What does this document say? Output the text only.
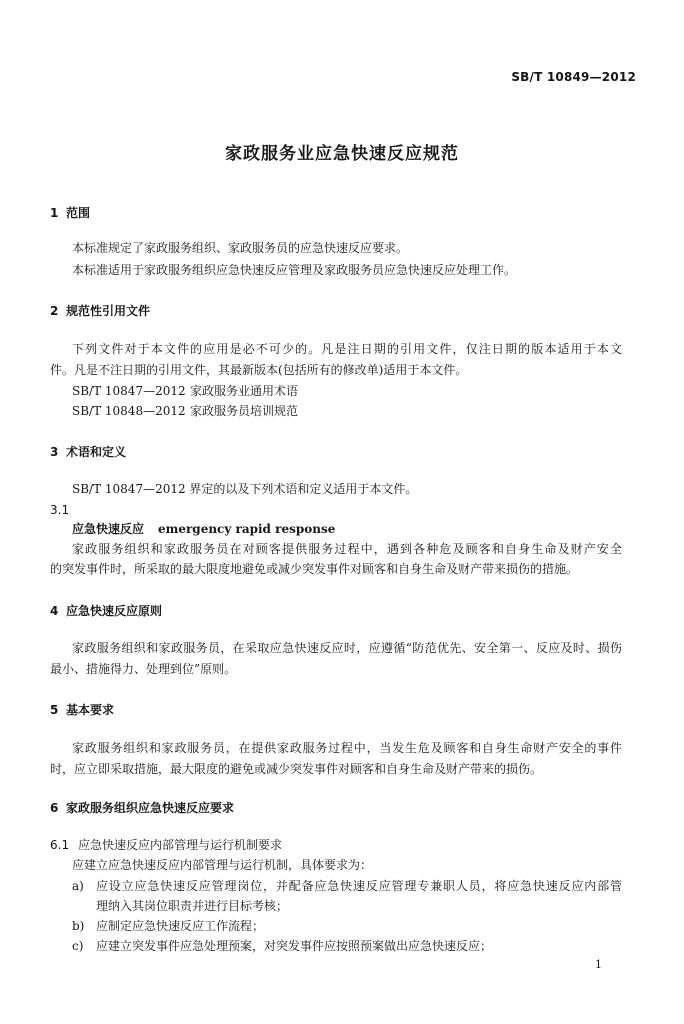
SB/T 10849—2012
家政服务业应急快速反应规范
1 范围
本标准规定了家政服务组织、家政服务员的应急快速反应要求。
本标准适用于家政服务组织应急快速反应管理及家政服务员应急快速反应处理工作。
2 规范性引用文件
下列文件对于本文件的应用是必不可少的。凡是注日期的引用文件，仅注日期的版本适用于本文
件。凡是不注日期的引用文件，其最新版本(包括所有的修改单)适用于本文件。
SB/T 10847—2012 家政服务业通用术语
SB/T 10848—2012 家政服务员培训规范
3 术语和定义
SB/T 10847—2012 界定的以及下列术语和定义适用于本文件。
3.1
应急快速反应 emergency rapid response
家政服务组织和家政服务员在对顾客提供服务过程中，遇到各种危及顾客和自身生命及财产安全
的突发事件时，所采取的最大限度地避免或减少突发事件对顾客和自身生命及财产带来损伤的措施。
4 应急快速反应原则
家政服务组织和家政服务员，在采取应急快速反应时，应遵循“防范优先、安全第一、反应及时、损伤
最小、措施得力、处理到位”原则。
5 基本要求
家政服务组织和家政服务员，在提供家政服务过程中，当发生危及顾客和自身生命财产安全的事件
时，应立即采取措施，最大限度的避免或减少突发事件对顾客和自身生命及财产带来的损伤。
6 家政服务组织应急快速反应要求
6.1 应急快速反应内部管理与运行机制要求
应建立应急快速反应内部管理与运行机制，具体要求为：
a) 应设立应急快速反应管理岗位，并配备应急快速反应管理专兼职人员，将应急快速反应内部管
理纳入其岗位职责并进行目标考核；
b) 应制定应急快速反应工作流程；
c) 应建立突发事件应急处理预案，对突发事件应按照预案做出应急快速反应；
1
